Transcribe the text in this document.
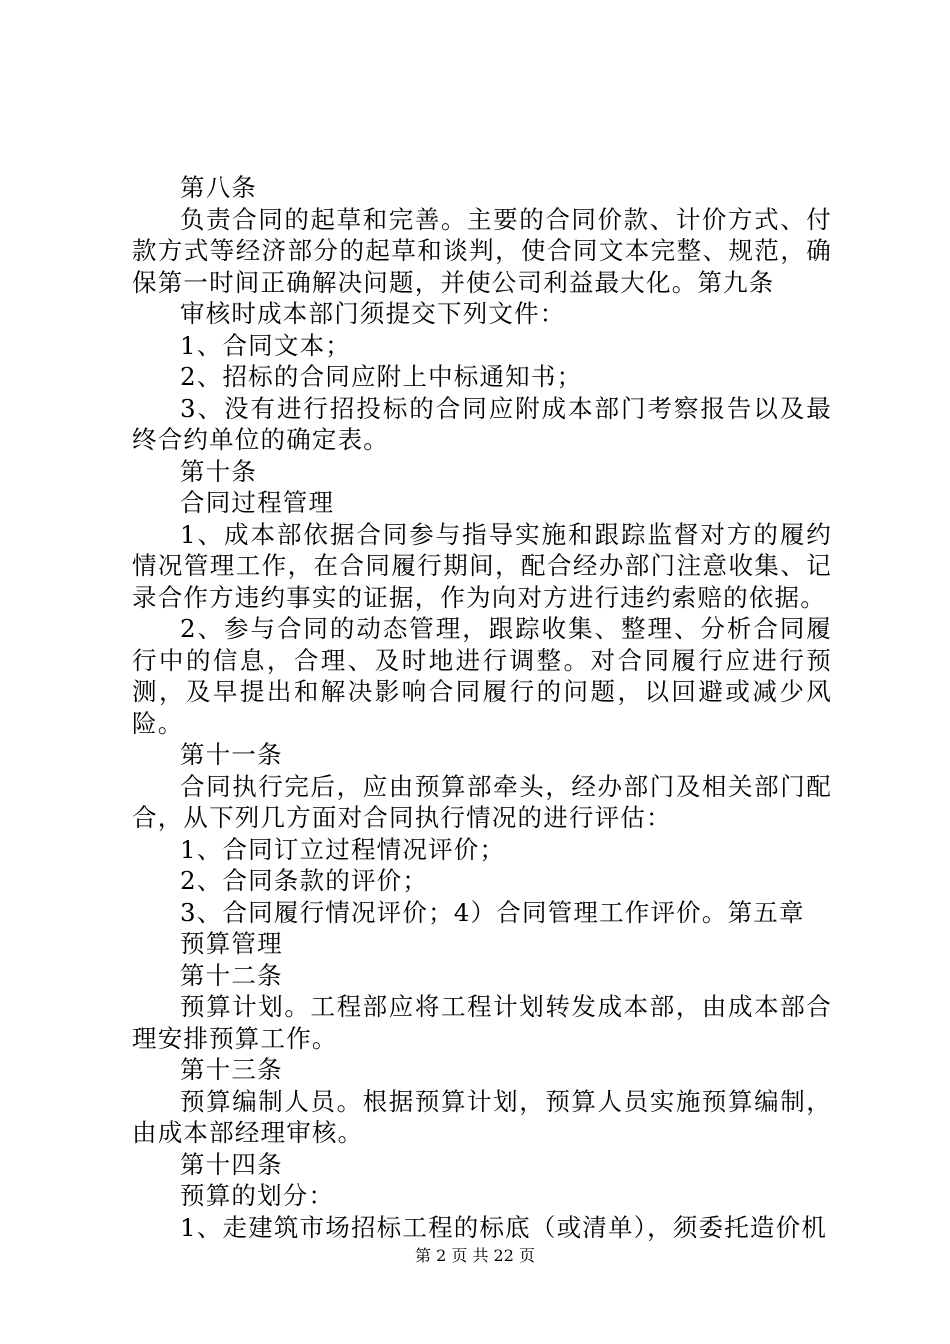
第八条

负责合同的起草和完善。主要的合同价款、计价方式、付款方式等经济部分的起草和谈判，使合同文本完整、规范，确保第一时间正确解决问题，并使公司利益最大化。第九条

审核时成本部门须提交下列文件：

1、合同文本；

2、招标的合同应附上中标通知书；

3、没有进行招投标的合同应附成本部门考察报告以及最终合约单位的确定表。

第十条

合同过程管理

1、成本部依据合同参与指导实施和跟踪监督对方的履约情况管理工作，在合同履行期间，配合经办部门注意收集、记录合作方违约事实的证据，作为向对方进行违约索赔的依据。

2、参与合同的动态管理，跟踪收集、整理、分析合同履行中的信息，合理、及时地进行调整。对合同履行应进行预测，及早提出和解决影响合同履行的问题，以回避或减少风险。

第十一条

合同执行完后，应由预算部牵头，经办部门及相关部门配合，从下列几方面对合同执行情况的进行评估：

1、合同订立过程情况评价；

2、合同条款的评价；

3、合同履行情况评价；4）合同管理工作评价。第五章

预算管理

第十二条

预算计划。工程部应将工程计划转发成本部，由成本部合理安排预算工作。

第十三条

预算编制人员。根据预算计划，预算人员实施预算编制，由成本部经理审核。

第十四条

预算的划分：

1、走建筑市场招标工程的标底（或清单），须委托造价机

第 2 页 共 22 页
